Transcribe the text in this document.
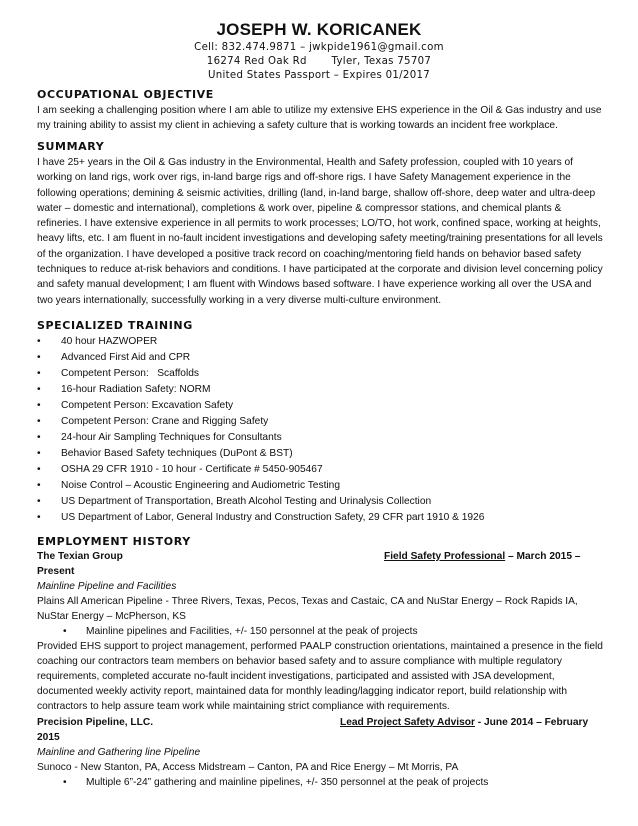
JOSEPH W. KORICANEK
Cell: 832.474.9871 – jwkpide1961@gmail.com
16274 Red Oak Rd       Tyler, Texas 75707
United States Passport – Expires 01/2017
OCCUPATIONAL OBJECTIVE

I am seeking a challenging position where I am able to utilize my extensive EHS experience in the Oil & Gas industry and use my training ability to assist my client in achieving a safety culture that is working towards an incident free workplace.

SUMMARY

I have 25+ years in the Oil & Gas industry in the Environmental, Health and Safety profession, coupled with 10 years of working on land rigs, work over rigs, in-land barge rigs and off-shore rigs. I have Safety Management experience in the following operations; demining & seismic activities, drilling (land, in-land barge, shallow off-shore, deep water and ultra-deep water – domestic and international), completions & work over, pipeline & compressor stations, and chemical plants & refineries. I have extensive experience in all permits to work processes; LO/TO, hot work, confined space, working at heights, heavy lifts, etc. I am fluent in no-fault incident investigations and developing safety meeting/training presentations for all levels of the organization. I have developed a positive track record on coaching/mentoring field hands on behavior based safety techniques to reduce at-risk behaviors and conditions. I have participated at the corporate and division level concerning policy and safety manual development; I am fluent with Windows based software. I have experience working all over the USA and two years internationally, successfully working in a very diverse multi-culture environment.

SPECIALIZED TRAINING
• 40 hour HAZWOPER
• Advanced First Aid and CPR
• Competent Person:   Scaffolds
• 16-hour Radiation Safety: NORM
• Competent Person: Excavation Safety
• Competent Person: Crane and Rigging Safety
• 24-hour Air Sampling Techniques for Consultants
• Behavior Based Safety techniques (DuPont & BST)
• OSHA 29 CFR 1910 - 10 hour - Certificate # 5450-905467
• Noise Control – Acoustic Engineering and Audiometric Testing
• US Department of Transportation, Breath Alcohol Testing and Urinalysis Collection
• US Department of Labor, General Industry and Construction Safety, 29 CFR part 1910 & 1926
EMPLOYMENT HISTORY
The Texian Group	Field Safety Professional – March 2015 –
Present
Mainline Pipeline and Facilities

Plains All American Pipeline - Three Rivers, Texas, Pecos, Texas and Castaic, CA and NuStar Energy – Rock Rapids IA, NuStar Energy – McPherson, KS

• Mainline pipelines and Facilities, +/- 150 personnel at the peak of projects

Provided EHS support to project management, performed PAALP construction orientations, maintained a presence in the field coaching our contractors team members on behavior based safety and to assure compliance with multiple regulatory requirements, completed accurate no-fault incident investigations, participated and assisted with JSA development, documented weekly activity report, maintained data for monthly leading/lagging indicator report, build relationship with contractors to help assure team work while maintaining strict compliance with requirements.

Precision Pipeline, LLC.	Lead Project Safety Advisor - June 2014 – February
2015
Mainline and Gathering line Pipeline
Sunoco - New Stanton, PA, Access Midstream – Canton, PA and Rice Energy – Mt Morris, PA
• Multiple 6”-24” gathering and mainline pipelines, +/- 350 personnel at the peak of projects
